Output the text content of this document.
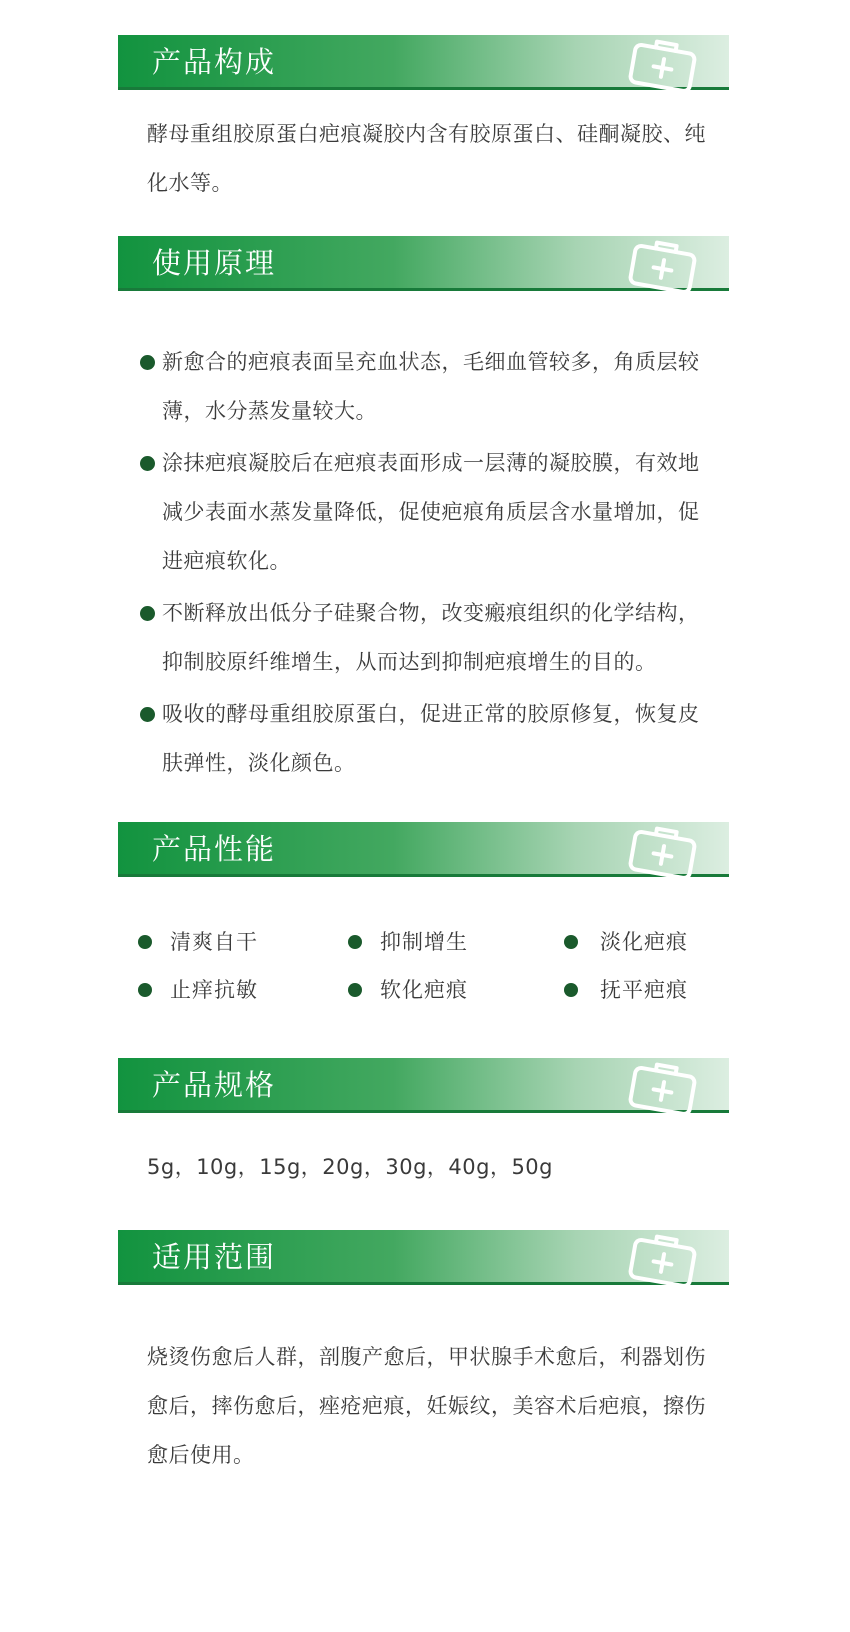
产品构成

酵母重组胶原蛋白疤痕凝胶内含有胶原蛋白、硅酮凝胶、纯化水等。

使用原理
新愈合的疤痕表面呈充血状态，毛细血管较多，角质层较薄，水分蒸发量较大。
涂抹疤痕凝胶后在疤痕表面形成一层薄的凝胶膜，有效地减少表面水蒸发量降低，促使疤痕角质层含水量增加，促进疤痕软化。
不断释放出低分子硅聚合物，改变瘢痕组织的化学结构，抑制胶原纤维增生，从而达到抑制疤痕增生的目的。
吸收的酵母重组胶原蛋白，促进正常的胶原修复，恢复皮肤弹性，淡化颜色。
产品性能
清爽自干	抑制增生	淡化疤痕
止痒抗敏	软化疤痕	抚平疤痕
产品规格

5g，10g，15g，20g，30g，40g，50g

适用范围

烧烫伤愈后人群，剖腹产愈后，甲状腺手术愈后，利器划伤愈后，摔伤愈后，痤疮疤痕，妊娠纹，美容术后疤痕，擦伤愈后使用。
